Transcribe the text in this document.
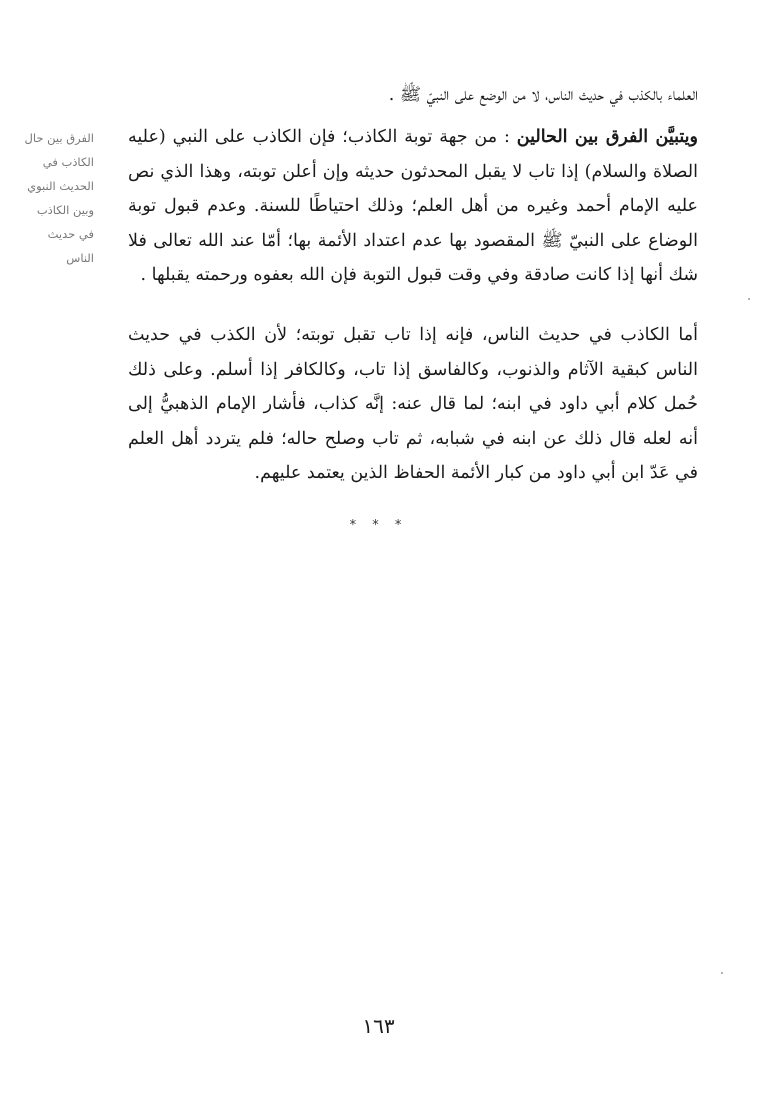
العلماء بالكذب في حديث الناس، لا من الوضع على النبيّ ﷺ .

ويتبيَّن الفرق بين الحالين : من جهة توبة الكاذب؛ فإن الكاذب على النبي (عليه الصلاة والسلام) إذا تاب لا يقبل المحدثون حديثه وإن أعلن توبته، وهذا الذي نص عليه الإمام أحمد وغيره من أهل العلم؛ وذلك احتياطًا للسنة. وعدم قبول توبة الوضاع على النبيّ ﷺ المقصود بها عدم اعتداد الأئمة بها؛ أمّا عند الله تعالى فلا شك أنها إذا كانت صادقة وفي وقت قبول التوبة فإن الله بعفوه ورحمته يقبلها .

أما الكاذب في حديث الناس، فإنه إذا تاب تقبل توبته؛ لأن الكذب في حديث الناس كبقية الآثام والذنوب، وكالفاسق إذا تاب، وكالكافر إذا أسلم. وعلى ذلك حُمل كلام أبي داود في ابنه؛ لما قال عنه: إنَّه كذاب، فأشار الإمام الذهبيُّ إلى أنه لعله قال ذلك عن ابنه في شبابه، ثم تاب وصلح حاله؛ فلم يتردد أهل العلم في عَدّ ابن أبي داود من كبار الأئمة الحفاظ الذين يعتمد عليهم.

الفرق بين حال الكاذب في الحديث النبوي وبين الكاذب في حديث الناس
* * *
١٦٣
